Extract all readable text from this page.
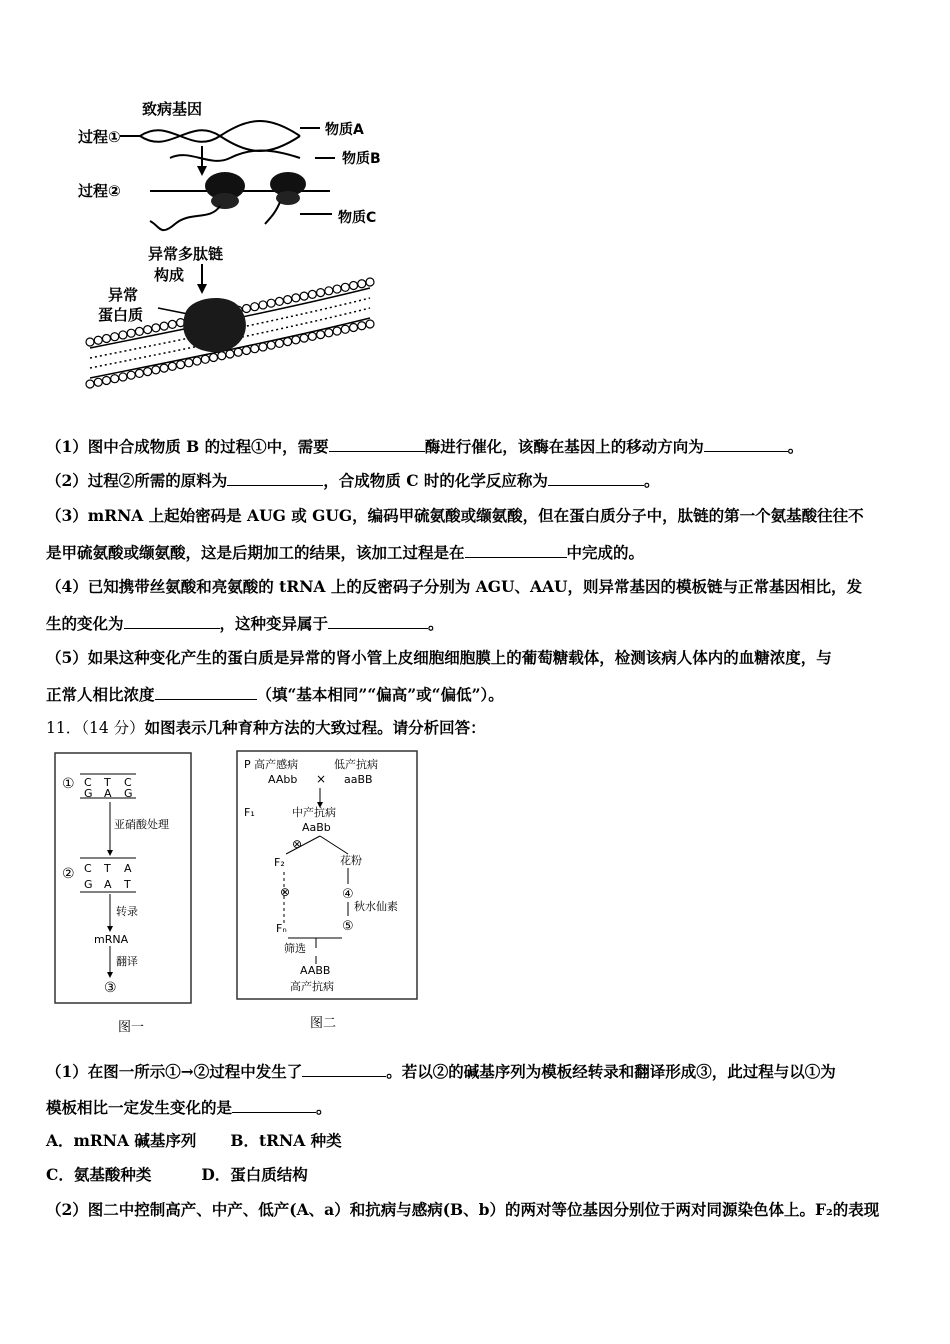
致病基因
过程①	物质A
物质B
过程②
物质C
异常多肽链
构成
异常
蛋白质
（1）图中合成物质 B 的过程①中，需要	酶进行催化，该酶在基因上的移动方向为	。
（2）过程②所需的原料为	，合成物质 C 时的化学反应称为	。
（3）mRNA 上起始密码是 AUG 或 GUG，编码甲硫氨酸或缬氨酸，但在蛋白质分子中，肽链的第一个氨基酸往往不
是甲硫氨酸或缬氨酸，这是后期加工的结果，该加工过程是在	中完成的。
（4）已知携带丝氨酸和亮氨酸的 tRNA 上的反密码子分别为 AGU、AAU，则异常基因的模板链与正常基因相比，发
生的变化为	，这种变异属于	。
（5）如果这种变化产生的蛋白质是异常的肾小管上皮细胞细胞膜上的葡萄糖载体，检测该病人体内的血糖浓度，与
正常人相比浓度	（填“基本相同”“偏高”或“偏低”）。
11．（14 分）如图表示几种育种方法的大致过程。请分析回答：
① C T C
G A G
亚硝酸处理
② C T A
G A T
转录
mRNA
翻译
③
图一
P 高产感病	低产抗病
AAbb × aaBB
F₁	中产抗病
AaBb
⊗
F₂	花粉
⊗	④
秋水仙素
⑤
Fₙ
筛选
AABB
高产抗病
图二
（1）在图一所示①→②过程中发生了	。若以②的碱基序列为模板经转录和翻译形成③，此过程与以①为
模板相比一定发生变化的是	。
A．mRNA 碱基序列 B．tRNA 种类
C．氨基酸种类	D．蛋白质结构
（2）图二中控制高产、中产、低产(A、a）和抗病与感病(B、b）的两对等位基因分别位于两对同源染色体上。F₂的表现
